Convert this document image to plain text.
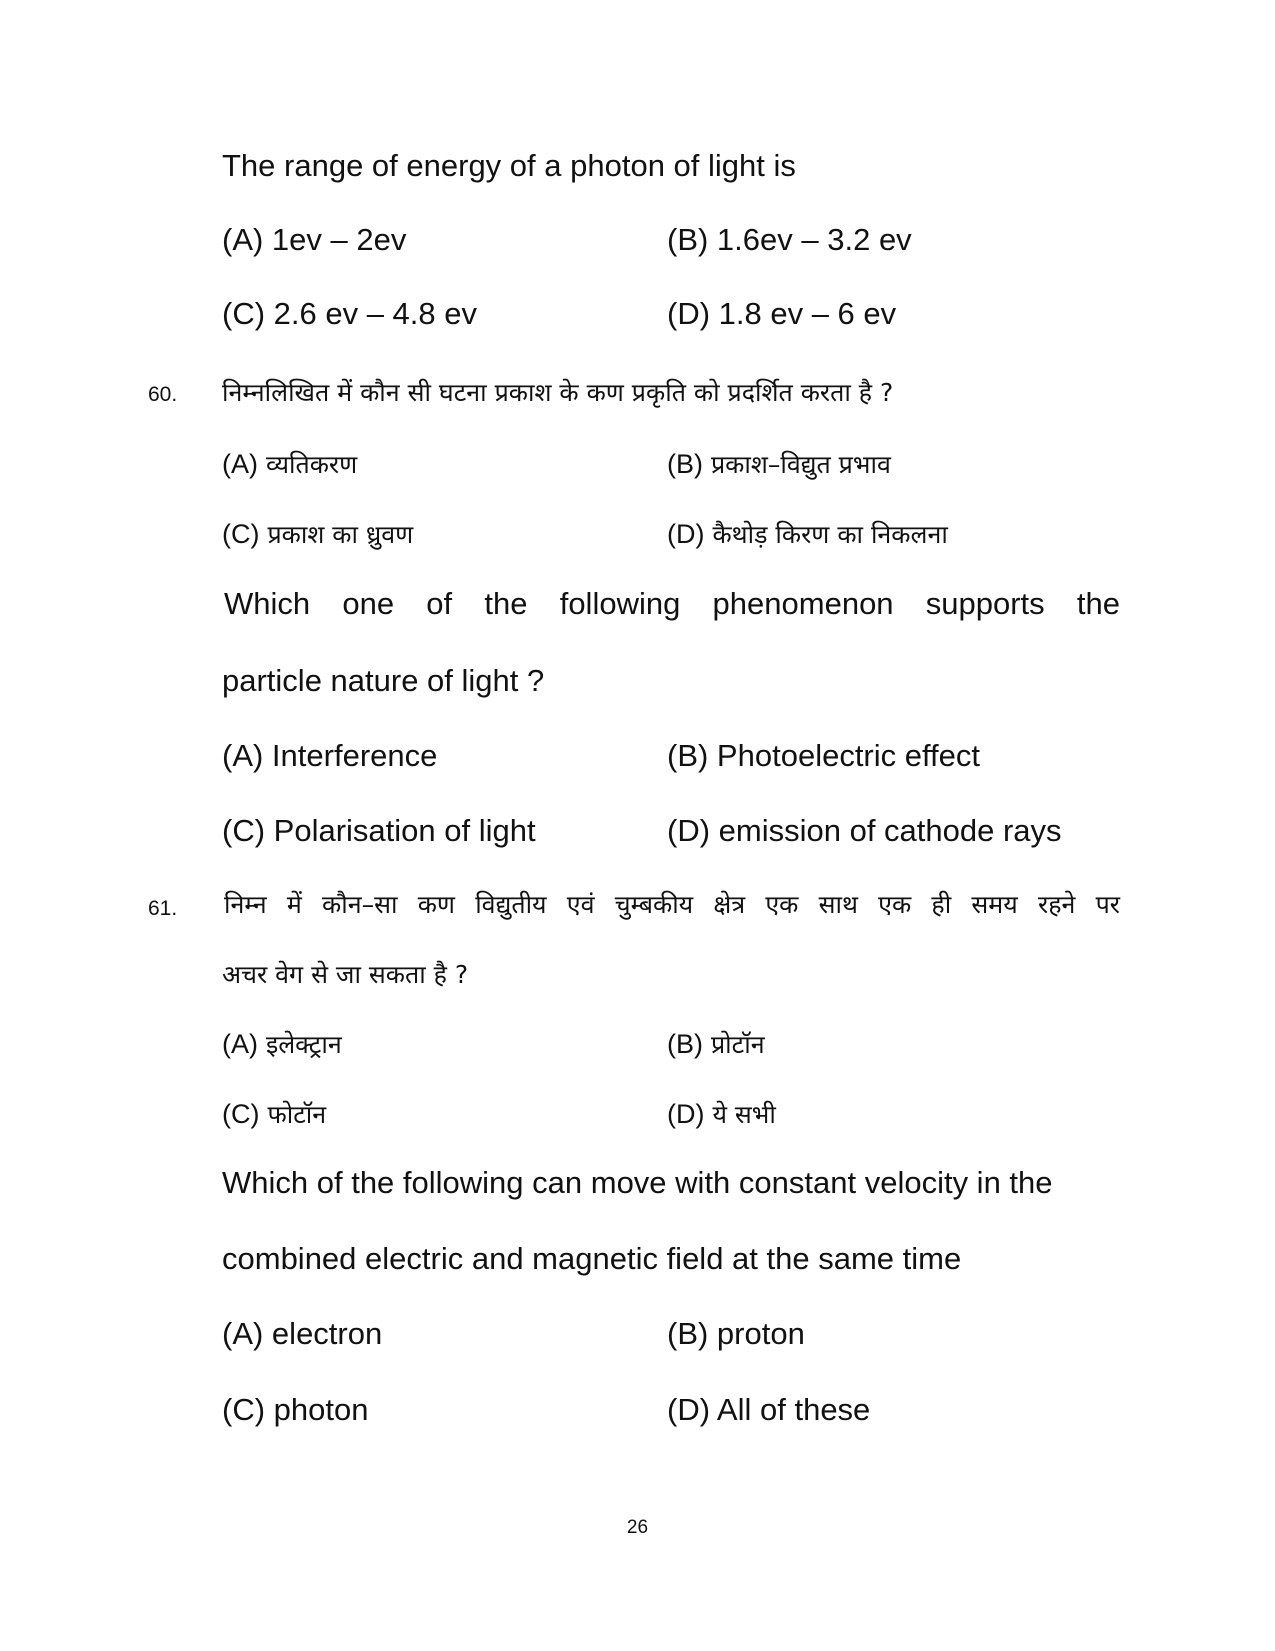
The range of energy of a photon of light is
(A) 1ev – 2ev	(B) 1.6ev – 3.2 ev
(C) 2.6 ev – 4.8 ev	(D) 1.8 ev – 6 ev
60. निम्नलिखित में कौन सी घटना प्रकाश के कण प्रकृति को प्रदर्शित करता है ?
(A) व्यतिकरण	(B) प्रकाश–विद्युत प्रभाव
(C) प्रकाश का ध्रुवण	(D) कैथोड़ किरण का निकलना
Which one of the following phenomenon supports the
particle nature of light ?
(A) Interference	(B) Photoelectric effect
(C) Polarisation of light	(D) emission of cathode rays
61. निम्न में कौन–सा कण विद्युतीय एवं चुम्बकीय क्षेत्र एक साथ एक ही समय रहने पर
अचर वेग से जा सकता है ?
(A) इलेक्ट्रान	(B) प्रोटॉन
(C) फोटॉन	(D) ये सभी
Which of the following can move with constant velocity in the
combined electric and magnetic field at the same time
(A) electron	(B) proton
(C) photon	(D) All of these
26
